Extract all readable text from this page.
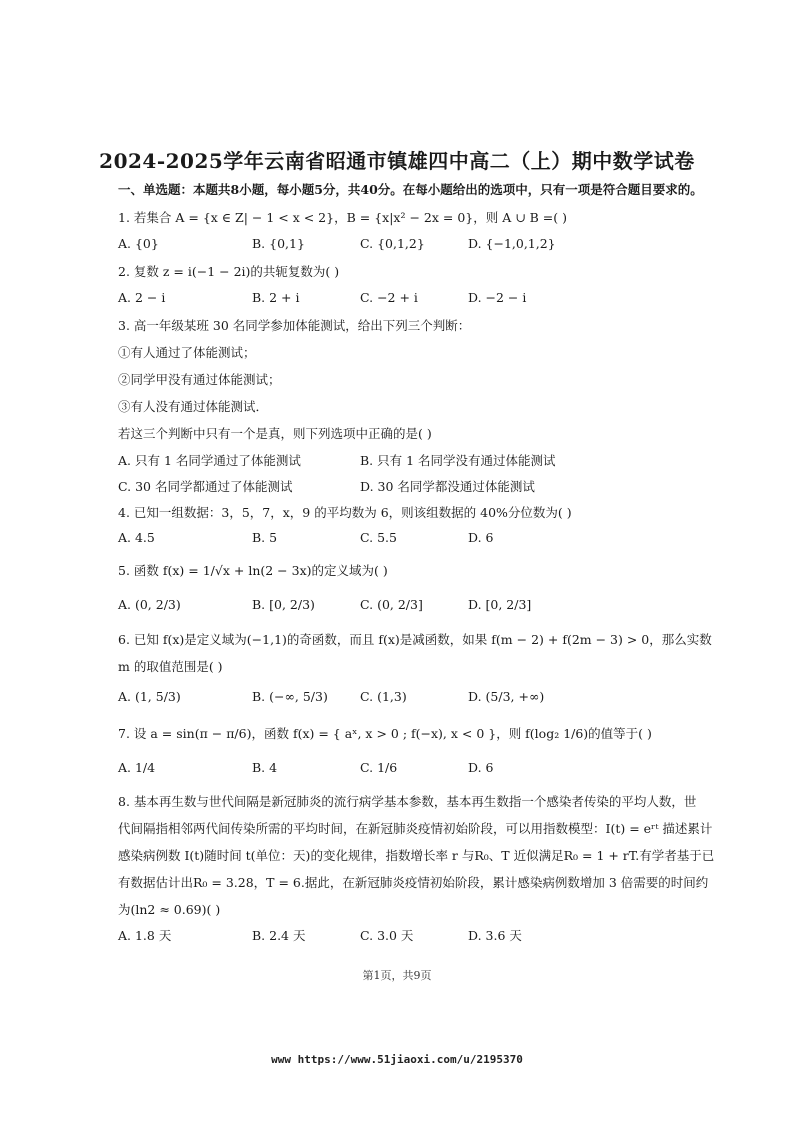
2024-2025学年云南省昭通市镇雄四中高二（上）期中数学试卷
一、单选题：本题共8小题，每小题5分，共40分。在每小题给出的选项中，只有一项是符合题目要求的。
1. 若集合 A = {x ∈ Z| − 1 < x < 2}，B = {x|x² − 2x = 0}，则 A ∪ B =( )
A. {0}	B. {0,1}	C. {0,1,2}	D. {−1,0,1,2}
2. 复数 z = i(−1 − 2i)的共轭复数为( )
A. 2 − i	B. 2 + i	C. −2 + i	D. −2 − i
3. 高一年级某班 30 名同学参加体能测试，给出下列三个判断：
①有人通过了体能测试；
②同学甲没有通过体能测试；
③有人没有通过体能测试．
若这三个判断中只有一个是真，则下列选项中正确的是( )
A. 只有 1 名同学通过了体能测试	B. 只有 1 名同学没有通过体能测试
C. 30 名同学都通过了体能测试	D. 30 名同学都没通过体能测试
4. 已知一组数据：3，5，7，x，9 的平均数为 6，则该组数据的 40%分位数为( )
A. 4.5	B. 5	C. 5.5	D. 6
5. 函数 f(x) = 1/√x + ln(2 − 3x)的定义域为( )
A. (0, 2/3)	B. [0, 2/3)	C. (0, 2/3]	D. [0, 2/3]
6. 已知 f(x)是定义域为(−1,1)的奇函数，而且 f(x)是减函数，如果 f(m − 2) + f(2m − 3) > 0，那么实数
m 的取值范围是( )
A. (1, 5/3)	B. (−∞, 5/3)	C. (1,3)	D. (5/3, +∞)
7. 设 a = sin(π − π/6)，函数 f(x) = { aˣ, x > 0 ; f(−x), x < 0 }，则 f(log₂ 1/6)的值等于( )
A. 1/4	B. 4	C. 1/6	D. 6
8. 基本再生数与世代间隔是新冠肺炎的流行病学基本参数，基本再生数指一个感染者传染的平均人数，世
代间隔指相邻两代间传染所需的平均时间，在新冠肺炎疫情初始阶段，可以用指数模型：I(t) = eʳᵗ 描述累计
感染病例数 I(t)随时间 t(单位：天)的变化规律，指数增长率 r 与R₀、T 近似满足R₀ = 1 + rT.有学者基于已
有数据估计出R₀ = 3.28，T = 6.据此，在新冠肺炎疫情初始阶段，累计感染病例数增加 3 倍需要的时间约
为(ln2 ≈ 0.69)( )
A. 1.8 天	B. 2.4 天	C. 3.0 天	D. 3.6 天
第1页，共9页
www https://www.51jiaoxi.com/u/2195370
